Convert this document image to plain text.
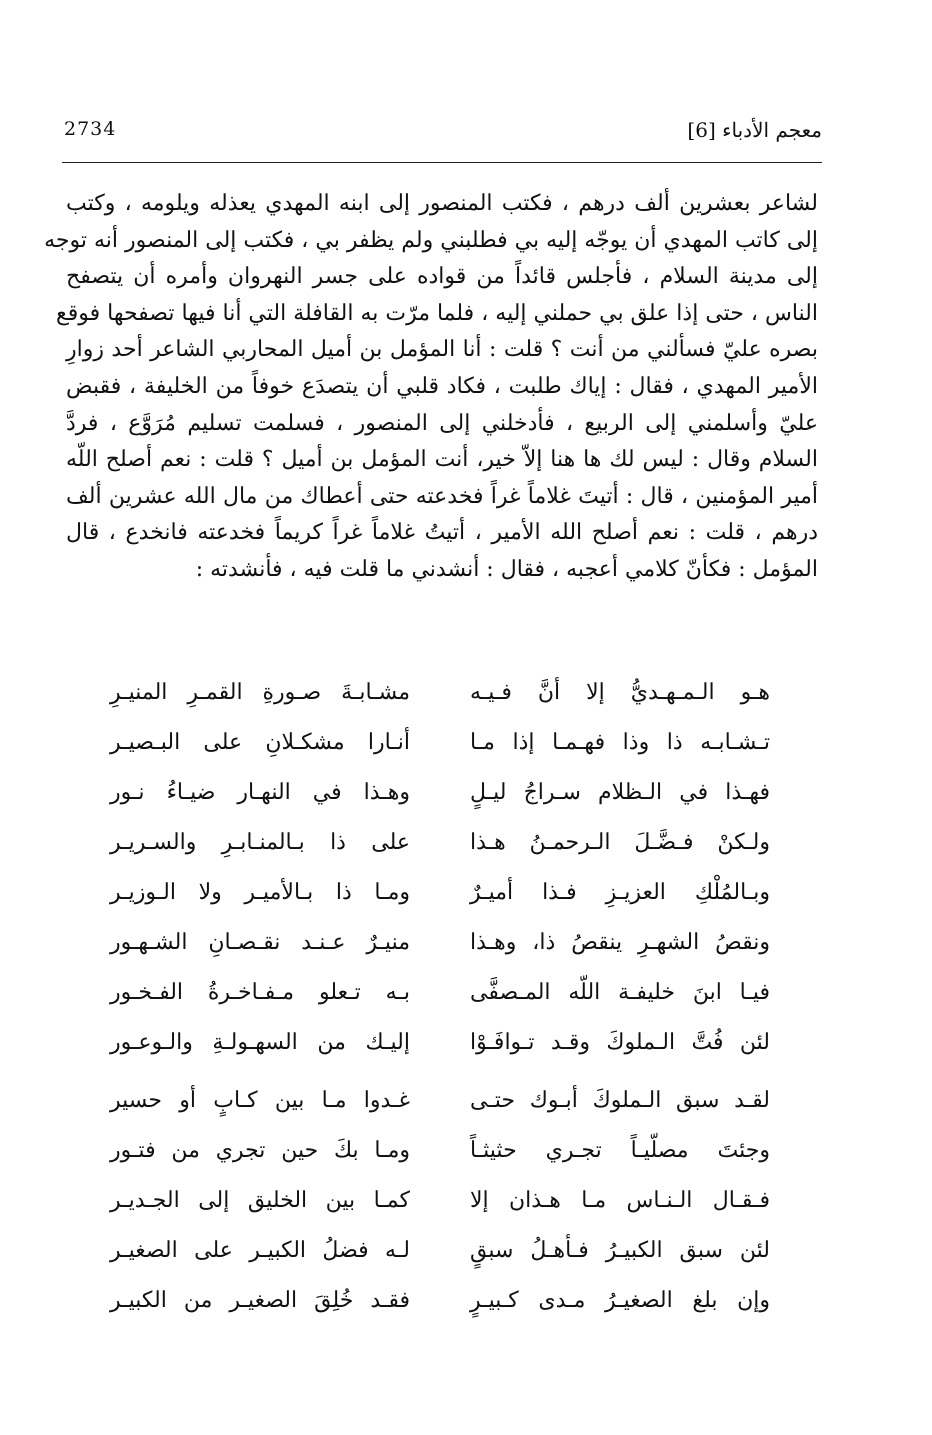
2734	معجم الأدباء [6]
لشاعر بعشرين ألف درهم ، فكتب المنصور إلى ابنه المهدي يعذله ويلومه ، وكتب
إلى كاتب المهدي أن يوجّه إليه بي فطلبني ولم يظفر بي ، فكتب إلى المنصور أنه توجه
إلى مدينة السلام ، فأجلس قائداً من قواده على جسر النهروان وأمره أن يتصفح
الناس ، حتى إذا علق بي حملني إليه ، فلما مرّت به القافلة التي أنا فيها تصفحها فوقع
بصره عليّ فسألني من أنت ؟ قلت : أنا المؤمل بن أميل المحاربي الشاعر أحد زوارِ
الأمير المهدي ، فقال : إياك طلبت ، فكاد قلبي أن يتصدَع خوفاً من الخليفة ، فقبض
عليّ وأسلمني إلى الربيع ، فأدخلني إلى المنصور ، فسلمت تسليم مُرَوَّع ، فردَّ
السلام وقال : ليس لك ها هنا إلاّ خير، أنت المؤمل بن أميل ؟ قلت : نعم أصلح اللّه
أمير المؤمنين ، قال : أتيتَ غلاماً غراً فخدعته حتى أعطاك من مال الله عشرين ألف
درهم ، قلت : نعم أصلح الله الأمير ، أتيتُ غلاماً غراً كريماً فخدعته فانخدع ، قال
المؤمل : فكأنّ كلامي أعجبه ، فقال : أنشدني ما قلت فيه ، فأنشدته :
هـو الـمـهـديُّ إلا أنَّ فـيـه
مشـابـةَ صـورةِ القمـرِ المنيـرِ
تـشـابـه ذا وذا فهـمـا إذا مـا
أنـارا مشكـلانِ على البـصيـر
فهـذا في الـظلام سـراجُ ليـلٍ
وهـذا في النهـار ضيـاءُ نـور
ولـكنْ فـضَّـلَ الـرحمـنُ هـذا
على ذا بـالمنـابـرِ والسـريـر
وبـالمُلْكِ العزيـزِ فـذا أميـرٌ
ومـا ذا بـالأميـر ولا الـوزيـر
ونقصُ الشهـرِ ينقصُ ذا، وهـذا
منيـرٌ عـنـد نقـصـانِ الشـهـور
فيـا ابنَ خليفـة اللّه المـصفَّى
بـه تـعلو مـفـاخـرةُ الفـخـور
لئن فُتَّ الـملوكَ وقـد تـوافَـوْا
إليـك من السهـولـةِ والـوعـور
لقـد سبق الـملوكَ أبـوك حتـى
غـدوا مـا بين كـابٍ أو حسير
وجئتَ مصلّيـاً تجـري حثيثـاً
ومـا بكَ حين تجري من فتـور
فـقـال الـنـاس مـا هـذان إلا
كمـا بين الخليق إلى الجـديـر
لئن سبق الكبيـرُ فـأهـلُ سبقٍ
لـه فضلُ الكبيـر على الصغيـر
وإن بلغ الصغيـرُ مـدى كـبيـرٍ
فقـد خُلِقَ الصغيـر من الكبيـر
